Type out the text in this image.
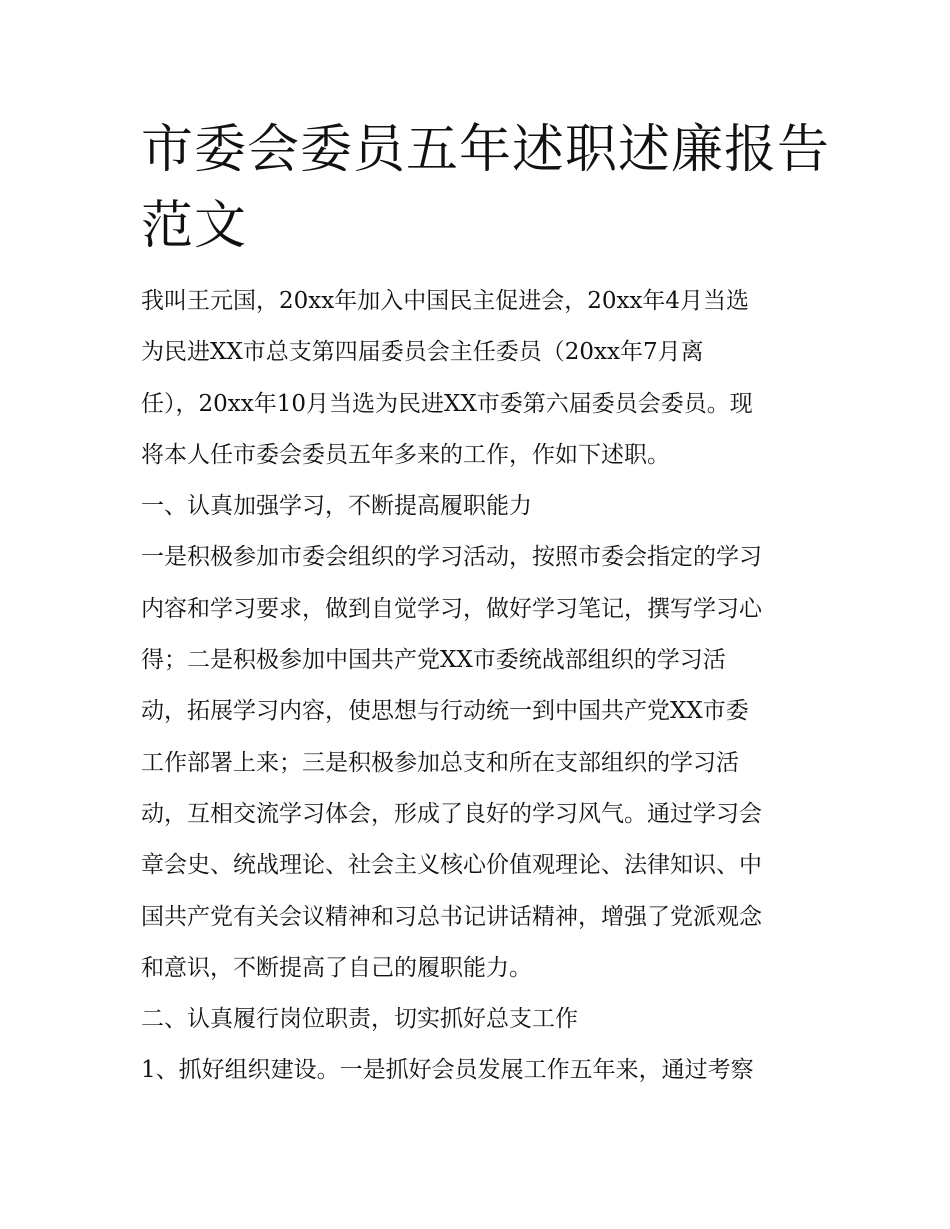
市委会委员五年述职述廉报告
范文
我叫王元国，20xx年加入中国民主促进会，20xx年4月当选
为民进XX市总支第四届委员会主任委员（20xx年7月离
任），20xx年10月当选为民进XX市委第六届委员会委员。现
将本人任市委会委员五年多来的工作，作如下述职。
一、认真加强学习，不断提高履职能力
一是积极参加市委会组织的学习活动，按照市委会指定的学习
内容和学习要求，做到自觉学习，做好学习笔记，撰写学习心
得；二是积极参加中国共产党XX市委统战部组织的学习活
动，拓展学习内容，使思想与行动统一到中国共产党XX市委
工作部署上来；三是积极参加总支和所在支部组织的学习活
动，互相交流学习体会，形成了良好的学习风气。通过学习会
章会史、统战理论、社会主义核心价值观理论、法律知识、中
国共产党有关会议精神和习总书记讲话精神，增强了党派观念
和意识，不断提高了自己的履职能力。
二、认真履行岗位职责，切实抓好总支工作
1、抓好组织建设。一是抓好会员发展工作五年来，通过考察
